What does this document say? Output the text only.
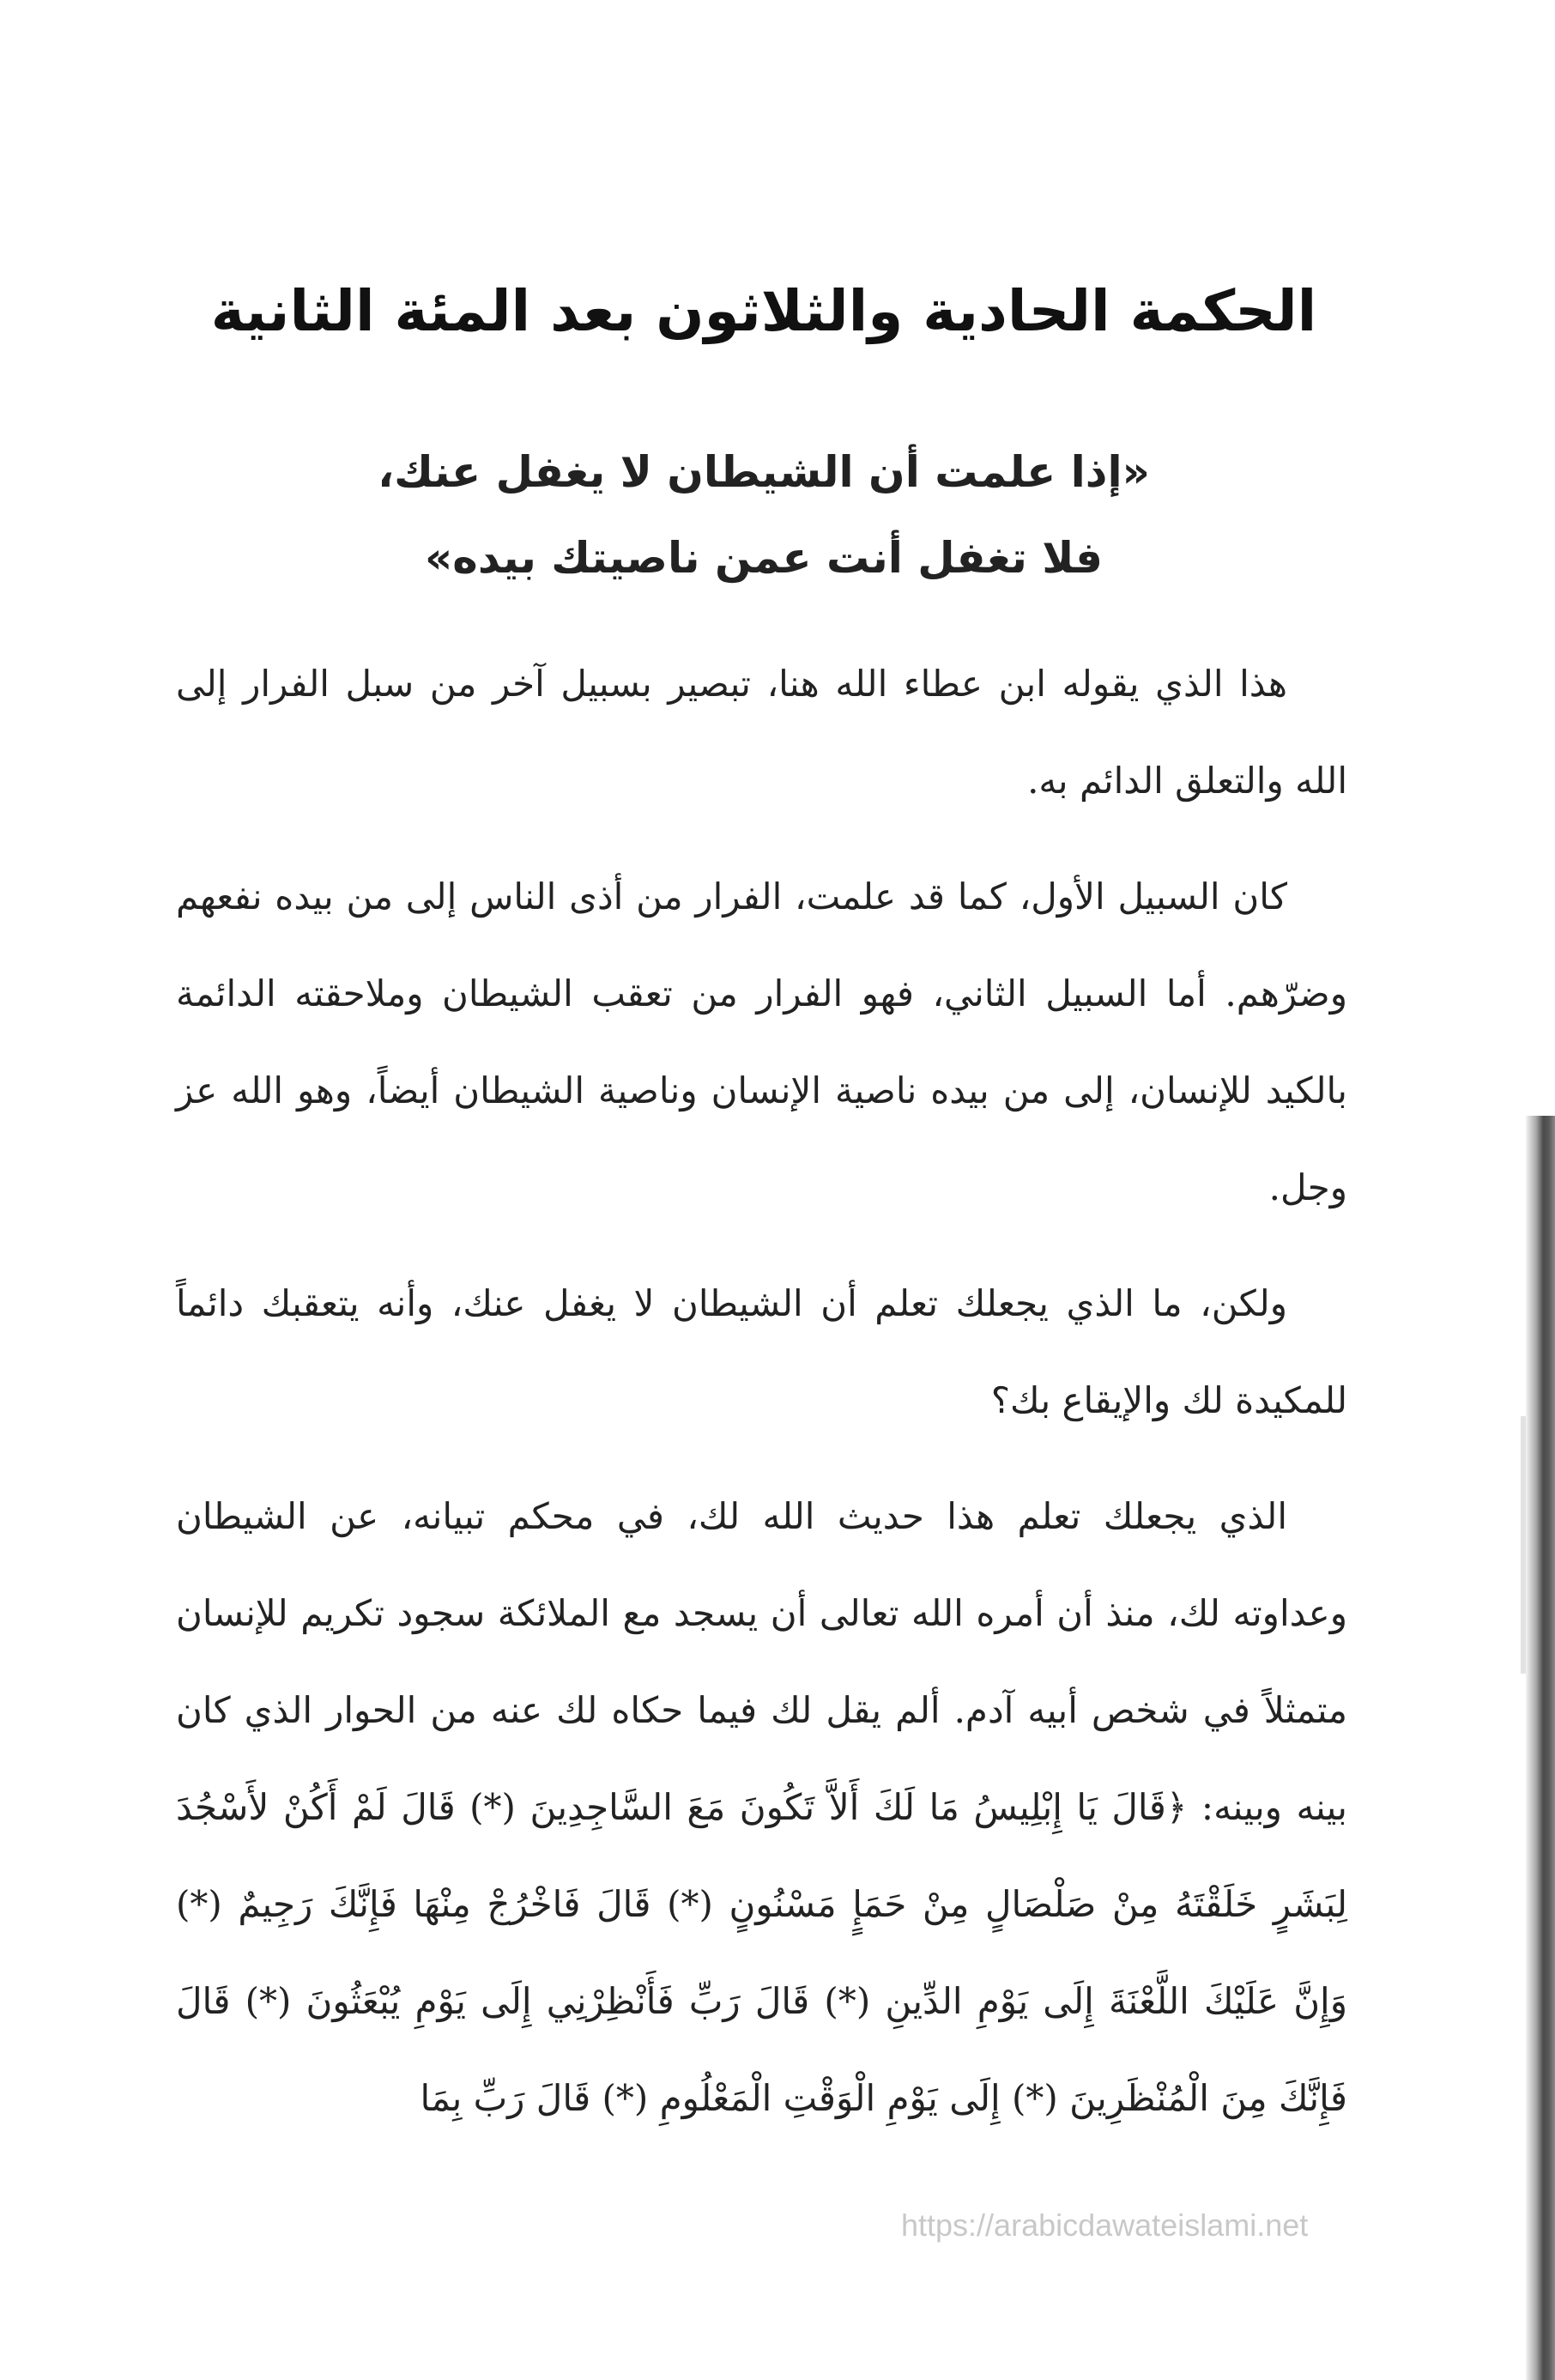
الحكمة الحادية والثلاثون بعد المئة الثانية
«إذا علمت أن الشيطان لا يغفل عنك،
فلا تغفل أنت عمن ناصيتك بيده»

هذا الذي يقوله ابن عطاء الله هنا، تبصير بسبيل آخر من سبل الفرار إلى الله والتعلق الدائم به.

كان السبيل الأول، كما قد علمت، الفرار من أذى الناس إلى من بيده نفعهم وضرّهم. أما السبيل الثاني، فهو الفرار من تعقب الشيطان وملاحقته الدائمة بالكيد للإنسان، إلى من بيده ناصية الإنسان وناصية الشيطان أيضاً، وهو الله عز وجل.

ولكن، ما الذي يجعلك تعلم أن الشيطان لا يغفل عنك، وأنه يتعقبك دائماً للمكيدة لك والإيقاع بك؟

الذي يجعلك تعلم هذا حديث الله لك، في محكم تبيانه، عن الشيطان وعداوته لك، منذ أن أمره الله تعالى أن يسجد مع الملائكة سجود تكريم للإنسان متمثلاً في شخص أبيه آدم. ألم يقل لك فيما حكاه لك عنه من الحوار الذي كان بينه وبينه: ﴿قَالَ يَا إِبْلِيسُ مَا لَكَ أَلاَّ تَكُونَ مَعَ السَّاجِدِينَ (*) قَالَ لَمْ أَكُنْ لأَسْجُدَ لِبَشَرٍ خَلَقْتَهُ مِنْ صَلْصَالٍ مِنْ حَمَإٍ مَسْنُونٍ (*) قَالَ فَاخْرُجْ مِنْهَا فَإِنَّكَ رَجِيمٌ (*) وَإِنَّ عَلَيْكَ اللَّعْنَةَ إِلَى يَوْمِ الدِّينِ (*) قَالَ رَبِّ فَأَنْظِرْنِي إِلَى يَوْمِ يُبْعَثُونَ (*) قَالَ فَإِنَّكَ مِنَ الْمُنْظَرِينَ (*) إِلَى يَوْمِ الْوَقْتِ الْمَعْلُومِ (*) قَالَ رَبِّ بِمَا

https://arabicdawateislami.net
